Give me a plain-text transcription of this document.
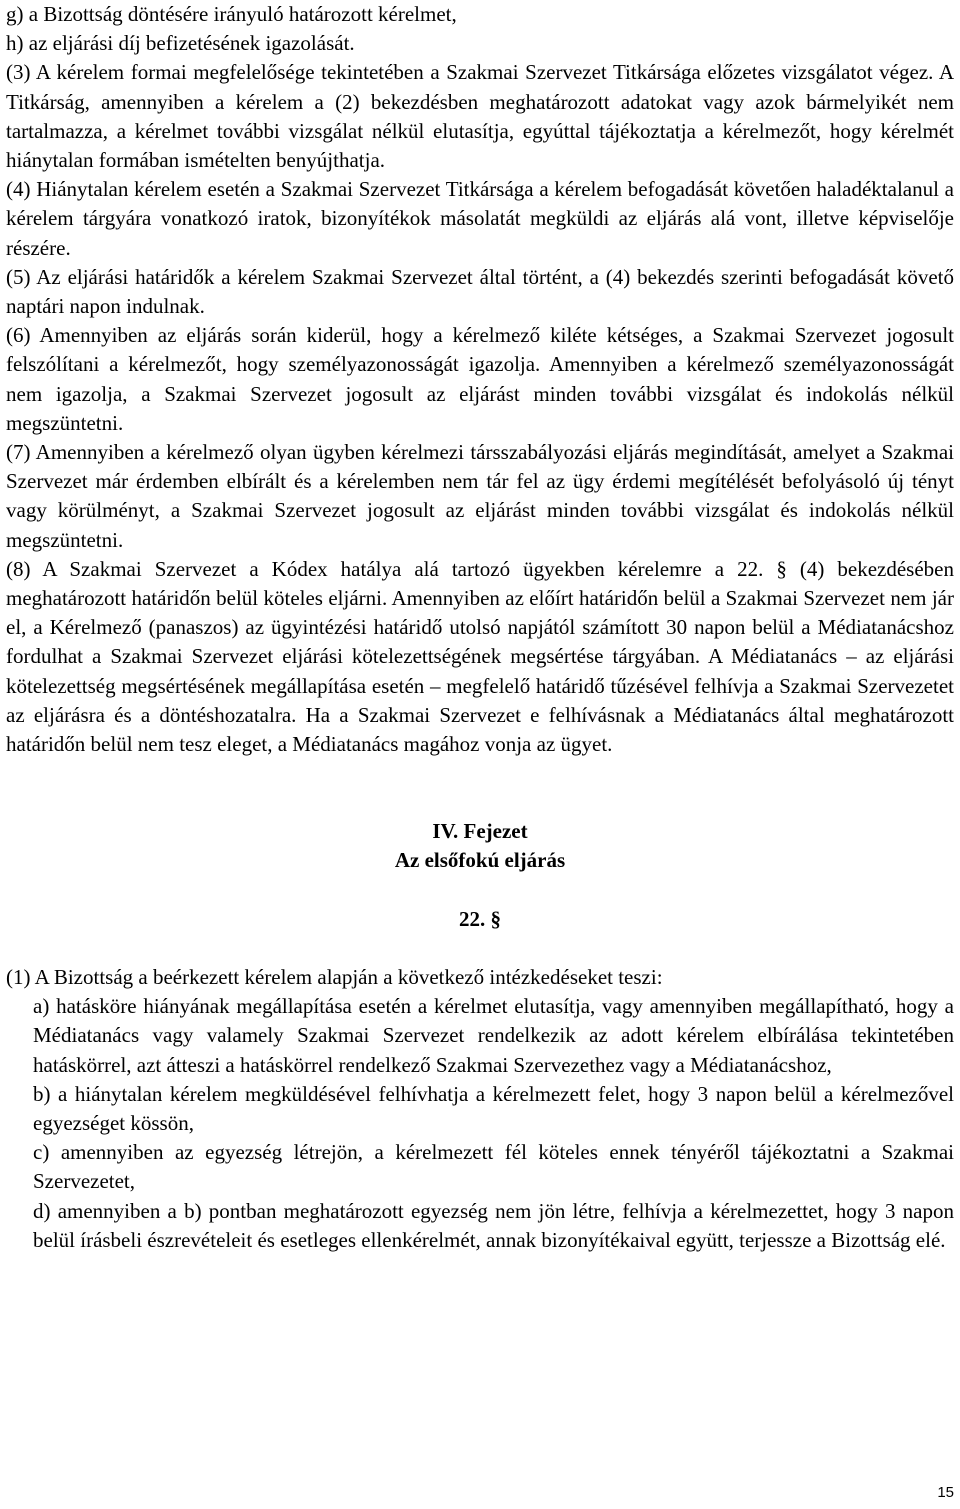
g) a Bizottság döntésére irányuló határozott kérelmet,

h) az eljárási díj befizetésének igazolását.

(3) A kérelem formai megfelelősége tekintetében a Szakmai Szervezet Titkársága előzetes vizsgálatot végez. A Titkárság, amennyiben a kérelem a (2) bekezdésben meghatározott adatokat vagy azok bármelyikét nem tartalmazza, a kérelmet további vizsgálat nélkül elutasítja, egyúttal tájékoztatja a kérelmezőt, hogy kérelmét hiánytalan formában ismételten benyújthatja.

(4) Hiánytalan kérelem esetén a Szakmai Szervezet Titkársága a kérelem befogadását követően haladéktalanul a kérelem tárgyára vonatkozó iratok, bizonyítékok másolatát megküldi az eljárás alá vont, illetve képviselője részére.

(5) Az eljárási határidők a kérelem Szakmai Szervezet által történt, a (4) bekezdés szerinti befogadását követő naptári napon indulnak.

(6) Amennyiben az eljárás során kiderül, hogy a kérelmező kiléte kétséges, a Szakmai Szervezet jogosult felszólítani a kérelmezőt, hogy személyazonosságát igazolja. Amennyiben a kérelmező személyazonosságát nem igazolja, a Szakmai Szervezet jogosult az eljárást minden további vizsgálat és indokolás nélkül megszüntetni.

(7) Amennyiben a kérelmező olyan ügyben kérelmezi társszabályozási eljárás megindítását, amelyet a Szakmai Szervezet már érdemben elbírált és a kérelemben nem tár fel az ügy érdemi megítélését befolyásoló új tényt vagy körülményt, a Szakmai Szervezet jogosult az eljárást minden további vizsgálat és indokolás nélkül megszüntetni.

(8) A Szakmai Szervezet a Kódex hatálya alá tartozó ügyekben kérelemre a 22. § (4) bekezdésében meghatározott határidőn belül köteles eljárni. Amennyiben az előírt határidőn belül a Szakmai Szervezet nem jár el, a Kérelmező (panaszos) az ügyintézési határidő utolsó napjától számított 30 napon belül a Médiatanácshoz fordulhat a Szakmai Szervezet eljárási kötelezettségének megsértése tárgyában. A Médiatanács – az eljárási kötelezettség megsértésének megállapítása esetén – megfelelő határidő tűzésével felhívja a Szakmai Szervezetet az eljárásra és a döntéshozatalra. Ha a Szakmai Szervezet e felhívásnak a Médiatanács által meghatározott határidőn belül nem tesz eleget, a Médiatanács magához vonja az ügyet.

IV. Fejezet

Az elsőfokú eljárás

22. §

(1) A Bizottság a beérkezett kérelem alapján a következő intézkedéseket teszi:

a) hatásköre hiányának megállapítása esetén a kérelmet elutasítja, vagy amennyiben megállapítható, hogy a Médiatanács vagy valamely Szakmai Szervezet rendelkezik az adott kérelem elbírálása tekintetében hatáskörrel, azt átteszi a hatáskörrel rendelkező Szakmai Szervezethez vagy a Médiatanácshoz,

b) a hiánytalan kérelem megküldésével felhívhatja a kérelmezett felet, hogy 3 napon belül a kérelmezővel egyezséget kössön,

c) amennyiben az egyezség létrejön, a kérelmezett fél köteles ennek tényéről tájékoztatni a Szakmai Szervezetet,

d) amennyiben a b) pontban meghatározott egyezség nem jön létre, felhívja a kérelmezettet, hogy 3 napon belül írásbeli észrevételeit és esetleges ellenkérelmét, annak bizonyítékaival együtt, terjessze a Bizottság elé.

15
